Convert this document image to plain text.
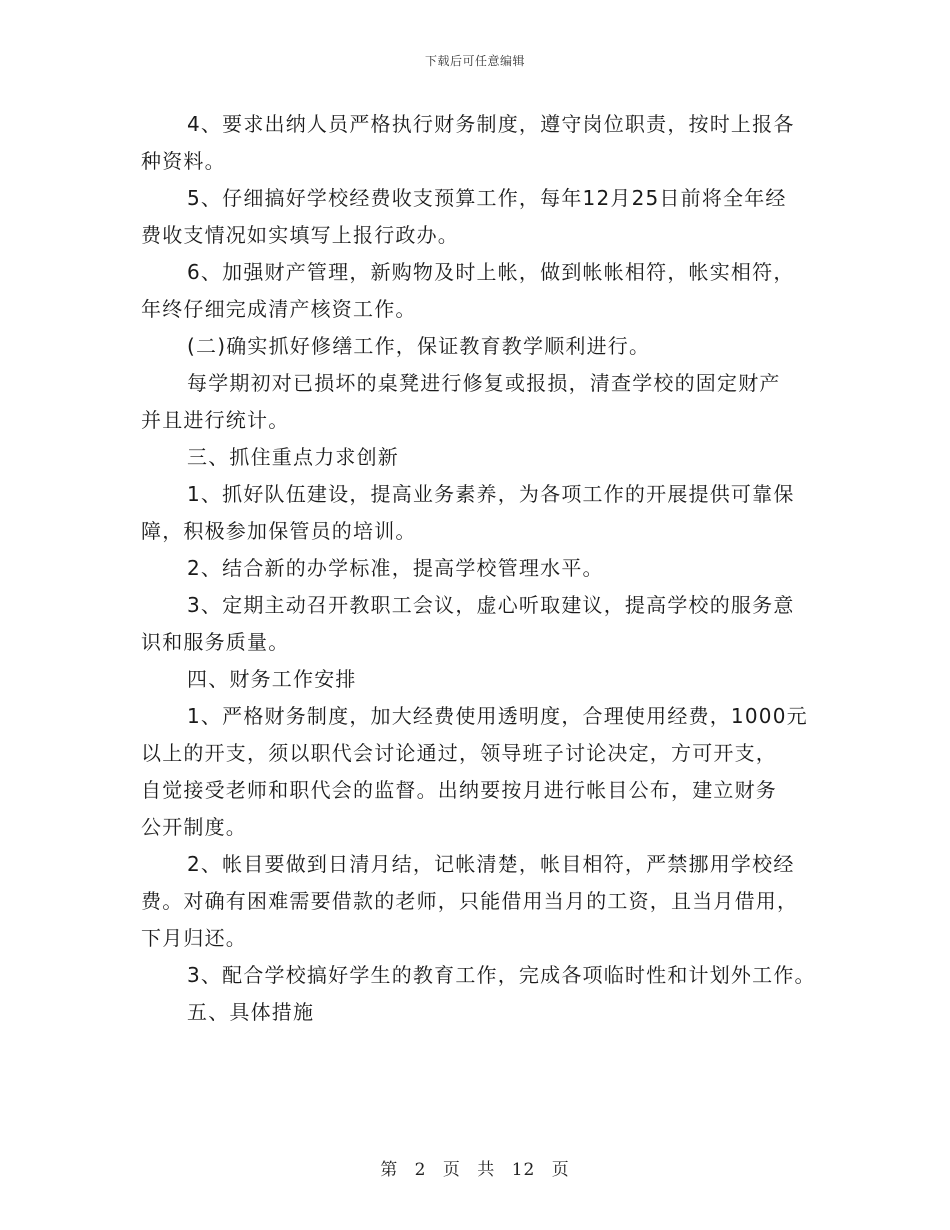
下载后可任意编辑
4、要求出纳人员严格执行财务制度，遵守岗位职责，按时上报各
种资料。
5、仔细搞好学校经费收支预算工作，每年12月25日前将全年经
费收支情况如实填写上报行政办。
6、加强财产管理，新购物及时上帐，做到帐帐相符，帐实相符，
年终仔细完成清产核资工作。
(二)确实抓好修缮工作，保证教育教学顺利进行。
每学期初对已损坏的桌凳进行修复或报损，清查学校的固定财产
并且进行统计。
三、抓住重点力求创新
1、抓好队伍建设，提高业务素养，为各项工作的开展提供可靠保
障，积极参加保管员的培训。
2、结合新的办学标准，提高学校管理水平。
3、定期主动召开教职工会议，虚心听取建议，提高学校的服务意
识和服务质量。
四、财务工作安排
1、严格财务制度，加大经费使用透明度，合理使用经费，1000元
以上的开支，须以职代会讨论通过，领导班子讨论决定，方可开支，
自觉接受老师和职代会的监督。出纳要按月进行帐目公布，建立财务
公开制度。
2、帐目要做到日清月结，记帐清楚，帐目相符，严禁挪用学校经
费。对确有困难需要借款的老师，只能借用当月的工资，且当月借用，
下月归还。
3、配合学校搞好学生的教育工作，完成各项临时性和计划外工作。
五、具体措施
第 2 页 共 12 页
